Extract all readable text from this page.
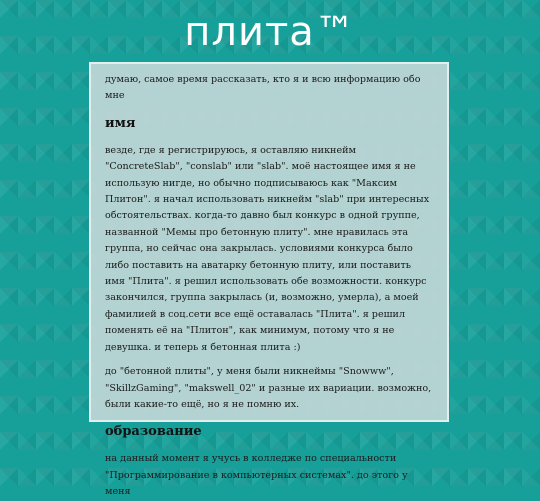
плита™

думаю, самое время рассказать, кто я и всю информацию обо мне

имя

везде, где я регистрируюсь, я оставляю никнейм "ConcreteSlab", "conslab" или "slab". моё настоящее имя я не использую нигде, но обычно подписываюсь как "Максим Плитон". я начал использовать никнейм "slab" при интересных обстоятельствах. когда-то давно был конкурс в одной группе, названной "Мемы про бетонную плиту". мне нравилась эта группа, но сейчас она закрылась. условиями конкурса было либо поставить на аватарку бетонную плиту, или поставить имя "Плита". я решил использовать обе возможности. конкурс закончился, группа закрылась (и, возможно, умерла), а моей фамилией в соц.сети все ещё оставалась "Плита". я решил поменять её на "Плитон", как минимум, потому что я не девушка. и теперь я бетонная плита :)

до "бетонной плиты", у меня были никнеймы "Snowww", "SkillzGaming", "makswell_02" и разные их вариации. возможно, были какие-то ещё, но я не помню их.

образование

на данный момент я учусь в колледже по специальности "Программирование в компьютерных системах". до этого у меня
